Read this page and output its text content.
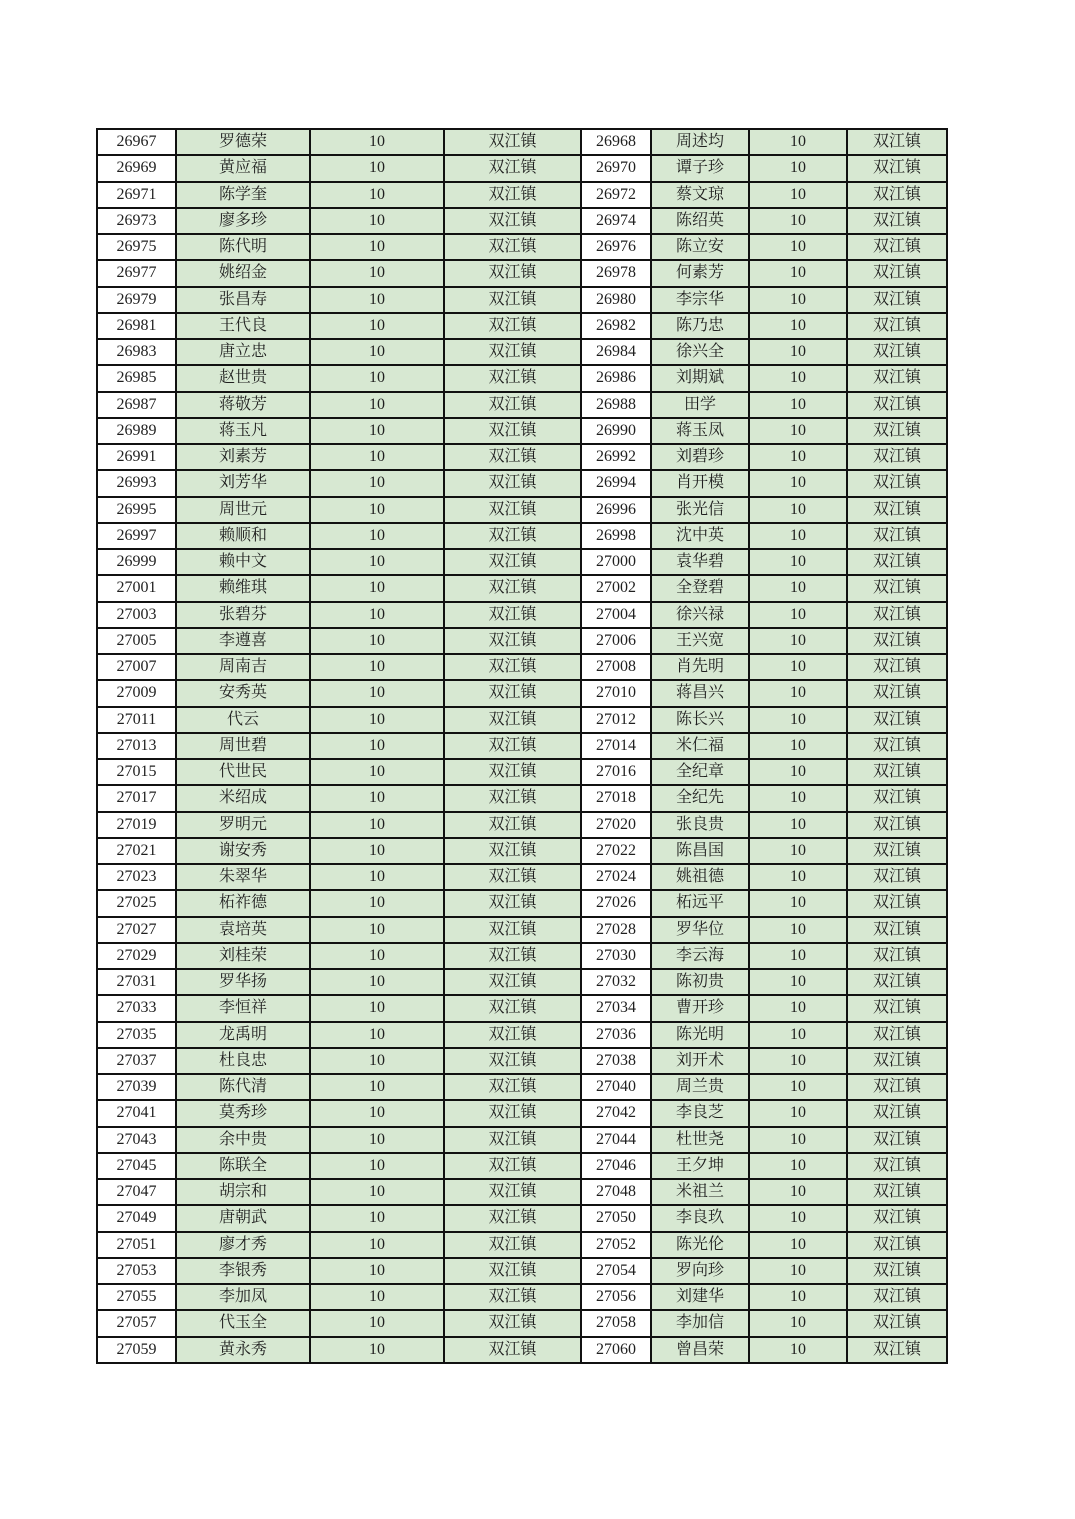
26967	罗德荣	10	双江镇	26968	周述均	10	双江镇
26969	黄应福	10	双江镇	26970	谭子珍	10	双江镇
26971	陈学奎	10	双江镇	26972	蔡文琼	10	双江镇
26973	廖多珍	10	双江镇	26974	陈绍英	10	双江镇
26975	陈代明	10	双江镇	26976	陈立安	10	双江镇
26977	姚绍金	10	双江镇	26978	何素芳	10	双江镇
26979	张昌寿	10	双江镇	26980	李宗华	10	双江镇
26981	王代良	10	双江镇	26982	陈乃忠	10	双江镇
26983	唐立忠	10	双江镇	26984	徐兴全	10	双江镇
26985	赵世贵	10	双江镇	26986	刘期斌	10	双江镇
26987	蒋敬芳	10	双江镇	26988	田学	10	双江镇
26989	蒋玉凡	10	双江镇	26990	蒋玉凤	10	双江镇
26991	刘素芳	10	双江镇	26992	刘碧珍	10	双江镇
26993	刘芳华	10	双江镇	26994	肖开模	10	双江镇
26995	周世元	10	双江镇	26996	张光信	10	双江镇
26997	赖顺和	10	双江镇	26998	沈中英	10	双江镇
26999	赖中文	10	双江镇	27000	袁华碧	10	双江镇
27001	赖维琪	10	双江镇	27002	全登碧	10	双江镇
27003	张碧芬	10	双江镇	27004	徐兴禄	10	双江镇
27005	李遵喜	10	双江镇	27006	王兴宽	10	双江镇
27007	周南吉	10	双江镇	27008	肖先明	10	双江镇
27009	安秀英	10	双江镇	27010	蒋昌兴	10	双江镇
27011	代云	10	双江镇	27012	陈长兴	10	双江镇
27013	周世碧	10	双江镇	27014	米仁福	10	双江镇
27015	代世民	10	双江镇	27016	全纪章	10	双江镇
27017	米绍成	10	双江镇	27018	全纪先	10	双江镇
27019	罗明元	10	双江镇	27020	张良贵	10	双江镇
27021	谢安秀	10	双江镇	27022	陈昌国	10	双江镇
27023	朱翠华	10	双江镇	27024	姚祖德	10	双江镇
27025	柘祚德	10	双江镇	27026	柘远平	10	双江镇
27027	袁培英	10	双江镇	27028	罗华位	10	双江镇
27029	刘桂荣	10	双江镇	27030	李云海	10	双江镇
27031	罗华扬	10	双江镇	27032	陈初贵	10	双江镇
27033	李恒祥	10	双江镇	27034	曹开珍	10	双江镇
27035	龙禹明	10	双江镇	27036	陈光明	10	双江镇
27037	杜良忠	10	双江镇	27038	刘开术	10	双江镇
27039	陈代清	10	双江镇	27040	周兰贵	10	双江镇
27041	莫秀珍	10	双江镇	27042	李良芝	10	双江镇
27043	余中贵	10	双江镇	27044	杜世尧	10	双江镇
27045	陈联全	10	双江镇	27046	王夕坤	10	双江镇
27047	胡宗和	10	双江镇	27048	米祖兰	10	双江镇
27049	唐朝武	10	双江镇	27050	李良玖	10	双江镇
27051	廖才秀	10	双江镇	27052	陈光伦	10	双江镇
27053	李银秀	10	双江镇	27054	罗向珍	10	双江镇
27055	李加凤	10	双江镇	27056	刘建华	10	双江镇
27057	代玉全	10	双江镇	27058	李加信	10	双江镇
27059	黄永秀	10	双江镇	27060	曾昌荣	10	双江镇
